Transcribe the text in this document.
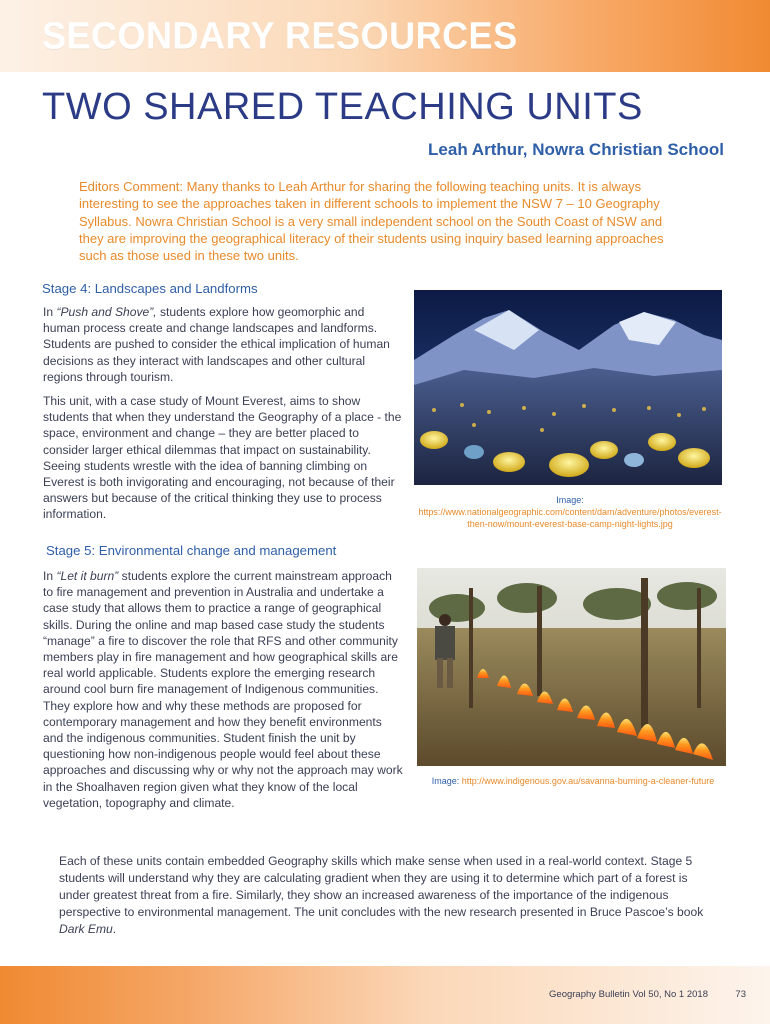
SECONDARY RESOURCES
TWO SHARED TEACHING UNITS
Leah Arthur, Nowra Christian School
Editors Comment: Many thanks to Leah Arthur for sharing the following teaching units. It is always interesting to see the approaches taken in different schools to implement the NSW 7 – 10 Geography Syllabus. Nowra Christian School is a very small independent school on the South Coast of NSW and they are improving the geographical literacy of their students using inquiry based learning approaches such as those used in these two units.
Stage 4: Landscapes and Landforms

In “Push and Shove”, students explore how geomorphic and human process create and change landscapes and landforms. Students are pushed to consider the ethical implication of human decisions as they interact with landscapes and other cultural regions through tourism.

This unit, with a case study of Mount Everest, aims to show students that when they understand the Geography of a place - the space, environment and change – they are better placed to consider larger ethical dilemmas that impact on sustainability. Seeing students wrestle with the idea of banning climbing on Everest is both invigorating and encouraging, not because of their answers but because of the critical thinking they use to process information.

Image: https://www.nationalgeographic.com/content/dam/adventure/photos/everest-then-now/mount-everest-base-camp-night-lights.jpg
Stage 5: Environmental change and management

In “Let it burn” students explore the current mainstream approach to fire management and prevention in Australia and undertake a case study that allows them to practice a range of geographical skills. During the online and map based case study the students “manage” a fire to discover the role that RFS and other community members play in fire management and how geographical skills are real world applicable. Students explore the emerging research around cool burn fire management of Indigenous communities. They explore how and why these methods are proposed for contemporary management and how they benefit environments and the indigenous communities. Student finish the unit by questioning how non-indigenous people would feel about these approaches and discussing why or why not the approach may work in the Shoalhaven region given what they know of the local vegetation, topography and climate.

Image: http://www.indigenous.gov.au/savanna-burning-a-cleaner-future
Each of these units contain embedded Geography skills which make sense when used in a real-world context. Stage 5 students will understand why they are calculating gradient when they are using it to determine which part of a forest is under greatest threat from a fire. Similarly, they show an increased awareness of the importance of the indigenous perspective to environmental management. The unit concludes with the new research presented in Bruce Pascoe’s book Dark Emu.
Geography Bulletin Vol 50, No 1 2018	73
